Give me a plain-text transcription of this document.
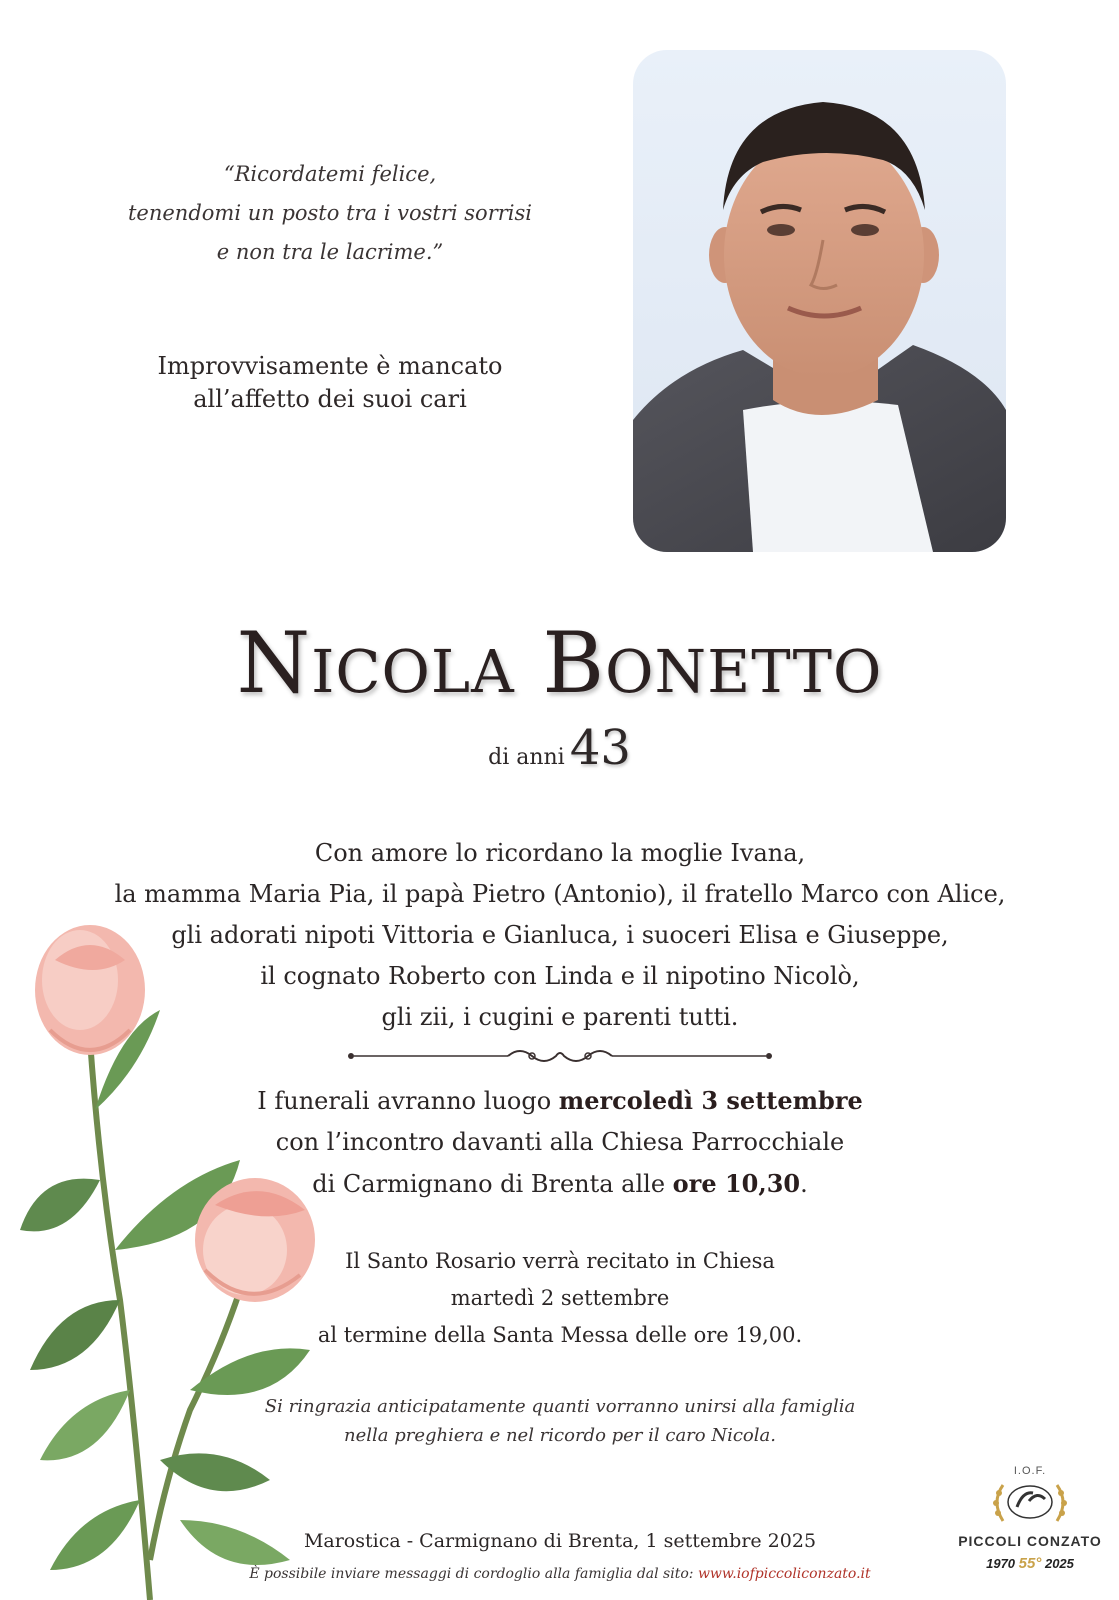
“Ricordatemi felice,
tenendomi un posto tra i vostri sorrisi
e non tra le lacrime.”
Improvvisamente è mancato
all’affetto dei suoi cari
Nicola Bonetto
di anni 43
Con amore lo ricordano la moglie Ivana,
la mamma Maria Pia, il papà Pietro (Antonio), il fratello Marco con Alice,
gli adorati nipoti Vittoria e Gianluca, i suoceri Elisa e Giuseppe,
il cognato Roberto con Linda e il nipotino Nicolò,
gli zii, i cugini e parenti tutti.
I funerali avranno luogo mercoledì 3 settembre
con l’incontro davanti alla Chiesa Parrocchiale
di Carmignano di Brenta alle ore 10,30.
Il Santo Rosario verrà recitato in Chiesa
martedì 2 settembre
al termine della Santa Messa delle ore 19,00.
Si ringrazia anticipatamente quanti vorranno unirsi alla famiglia
nella preghiera e nel ricordo per il caro Nicola.
Marostica - Carmignano di Brenta, 1 settembre 2025
È possibile inviare messaggi di cordoglio alla famiglia dal sito: www.iofpiccoliconzato.it
I.O.F.
PICCOLI CONZATO
1970 55° 2025
